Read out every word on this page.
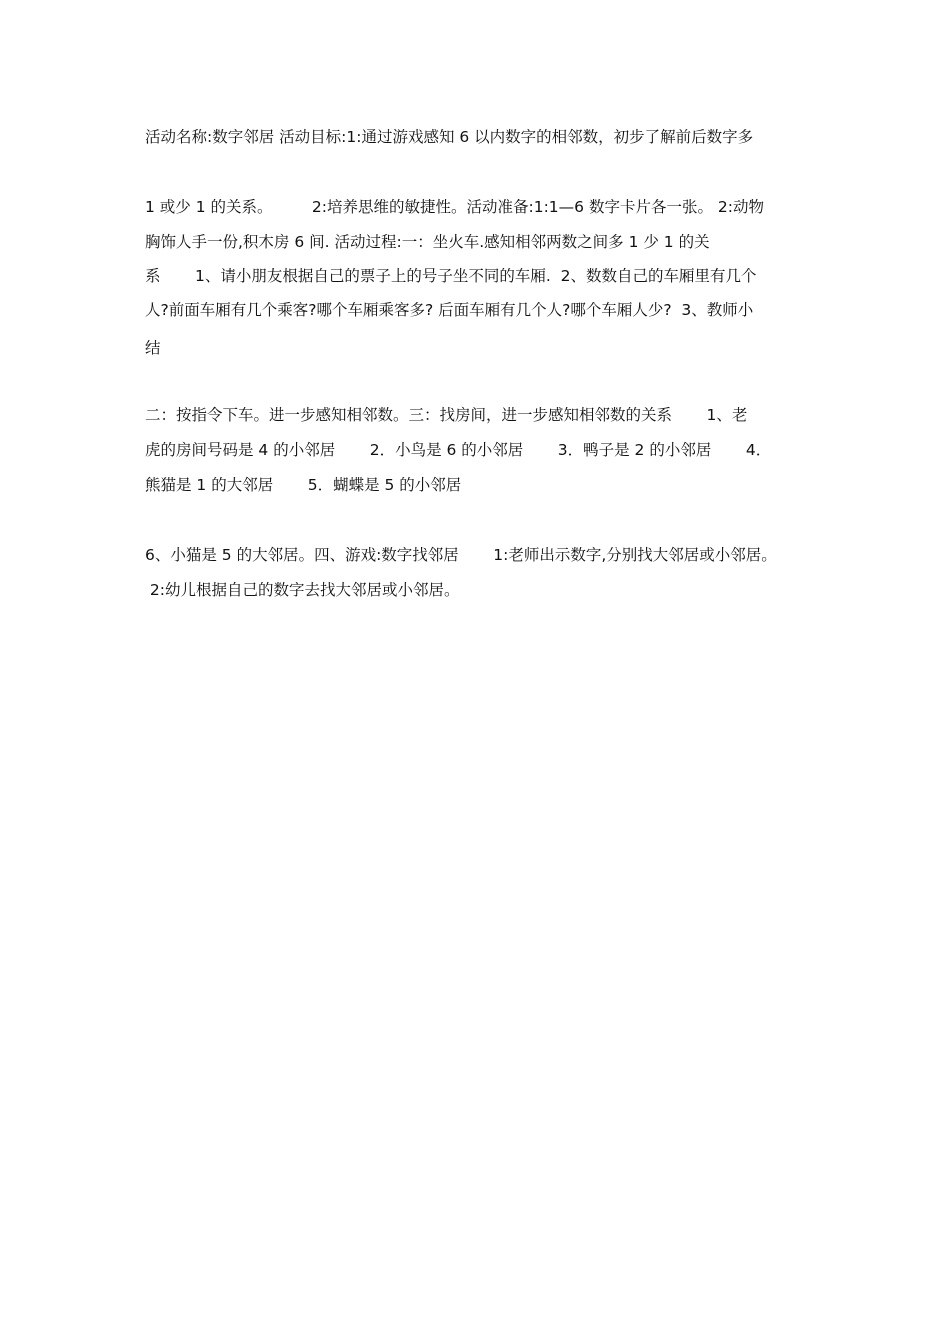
活动名称:数字邻居 活动目标:1:通过游戏感知 6 以内数字的相邻数，初步了解前后数字多
1 或少 1 的关系。        2:培养思维的敏捷性。活动准备:1:1—6 数字卡片各一张。 2:动物
胸饰人手一份,积木房 6 间. 活动过程:一：坐火车.感知相邻两数之间多 1 少 1 的关
系       1、请小朋友根据自己的票子上的号子坐不同的车厢.  2、数数自己的车厢里有几个
人?前面车厢有几个乘客?哪个车厢乘客多? 后面车厢有几个人?哪个车厢人少?  3、教师小
结
二：按指令下车。进一步感知相邻数。三：找房间，进一步感知相邻数的关系       1、老
虎的房间号码是 4 的小邻居       2．小鸟是 6 的小邻居       3．鸭子是 2 的小邻居       4．
熊猫是 1 的大邻居       5．蝴蝶是 5 的小邻居
6、小猫是 5 的大邻居。四、游戏:数字找邻居       1:老师出示数字,分别找大邻居或小邻居。
2:幼儿根据自己的数字去找大邻居或小邻居。
